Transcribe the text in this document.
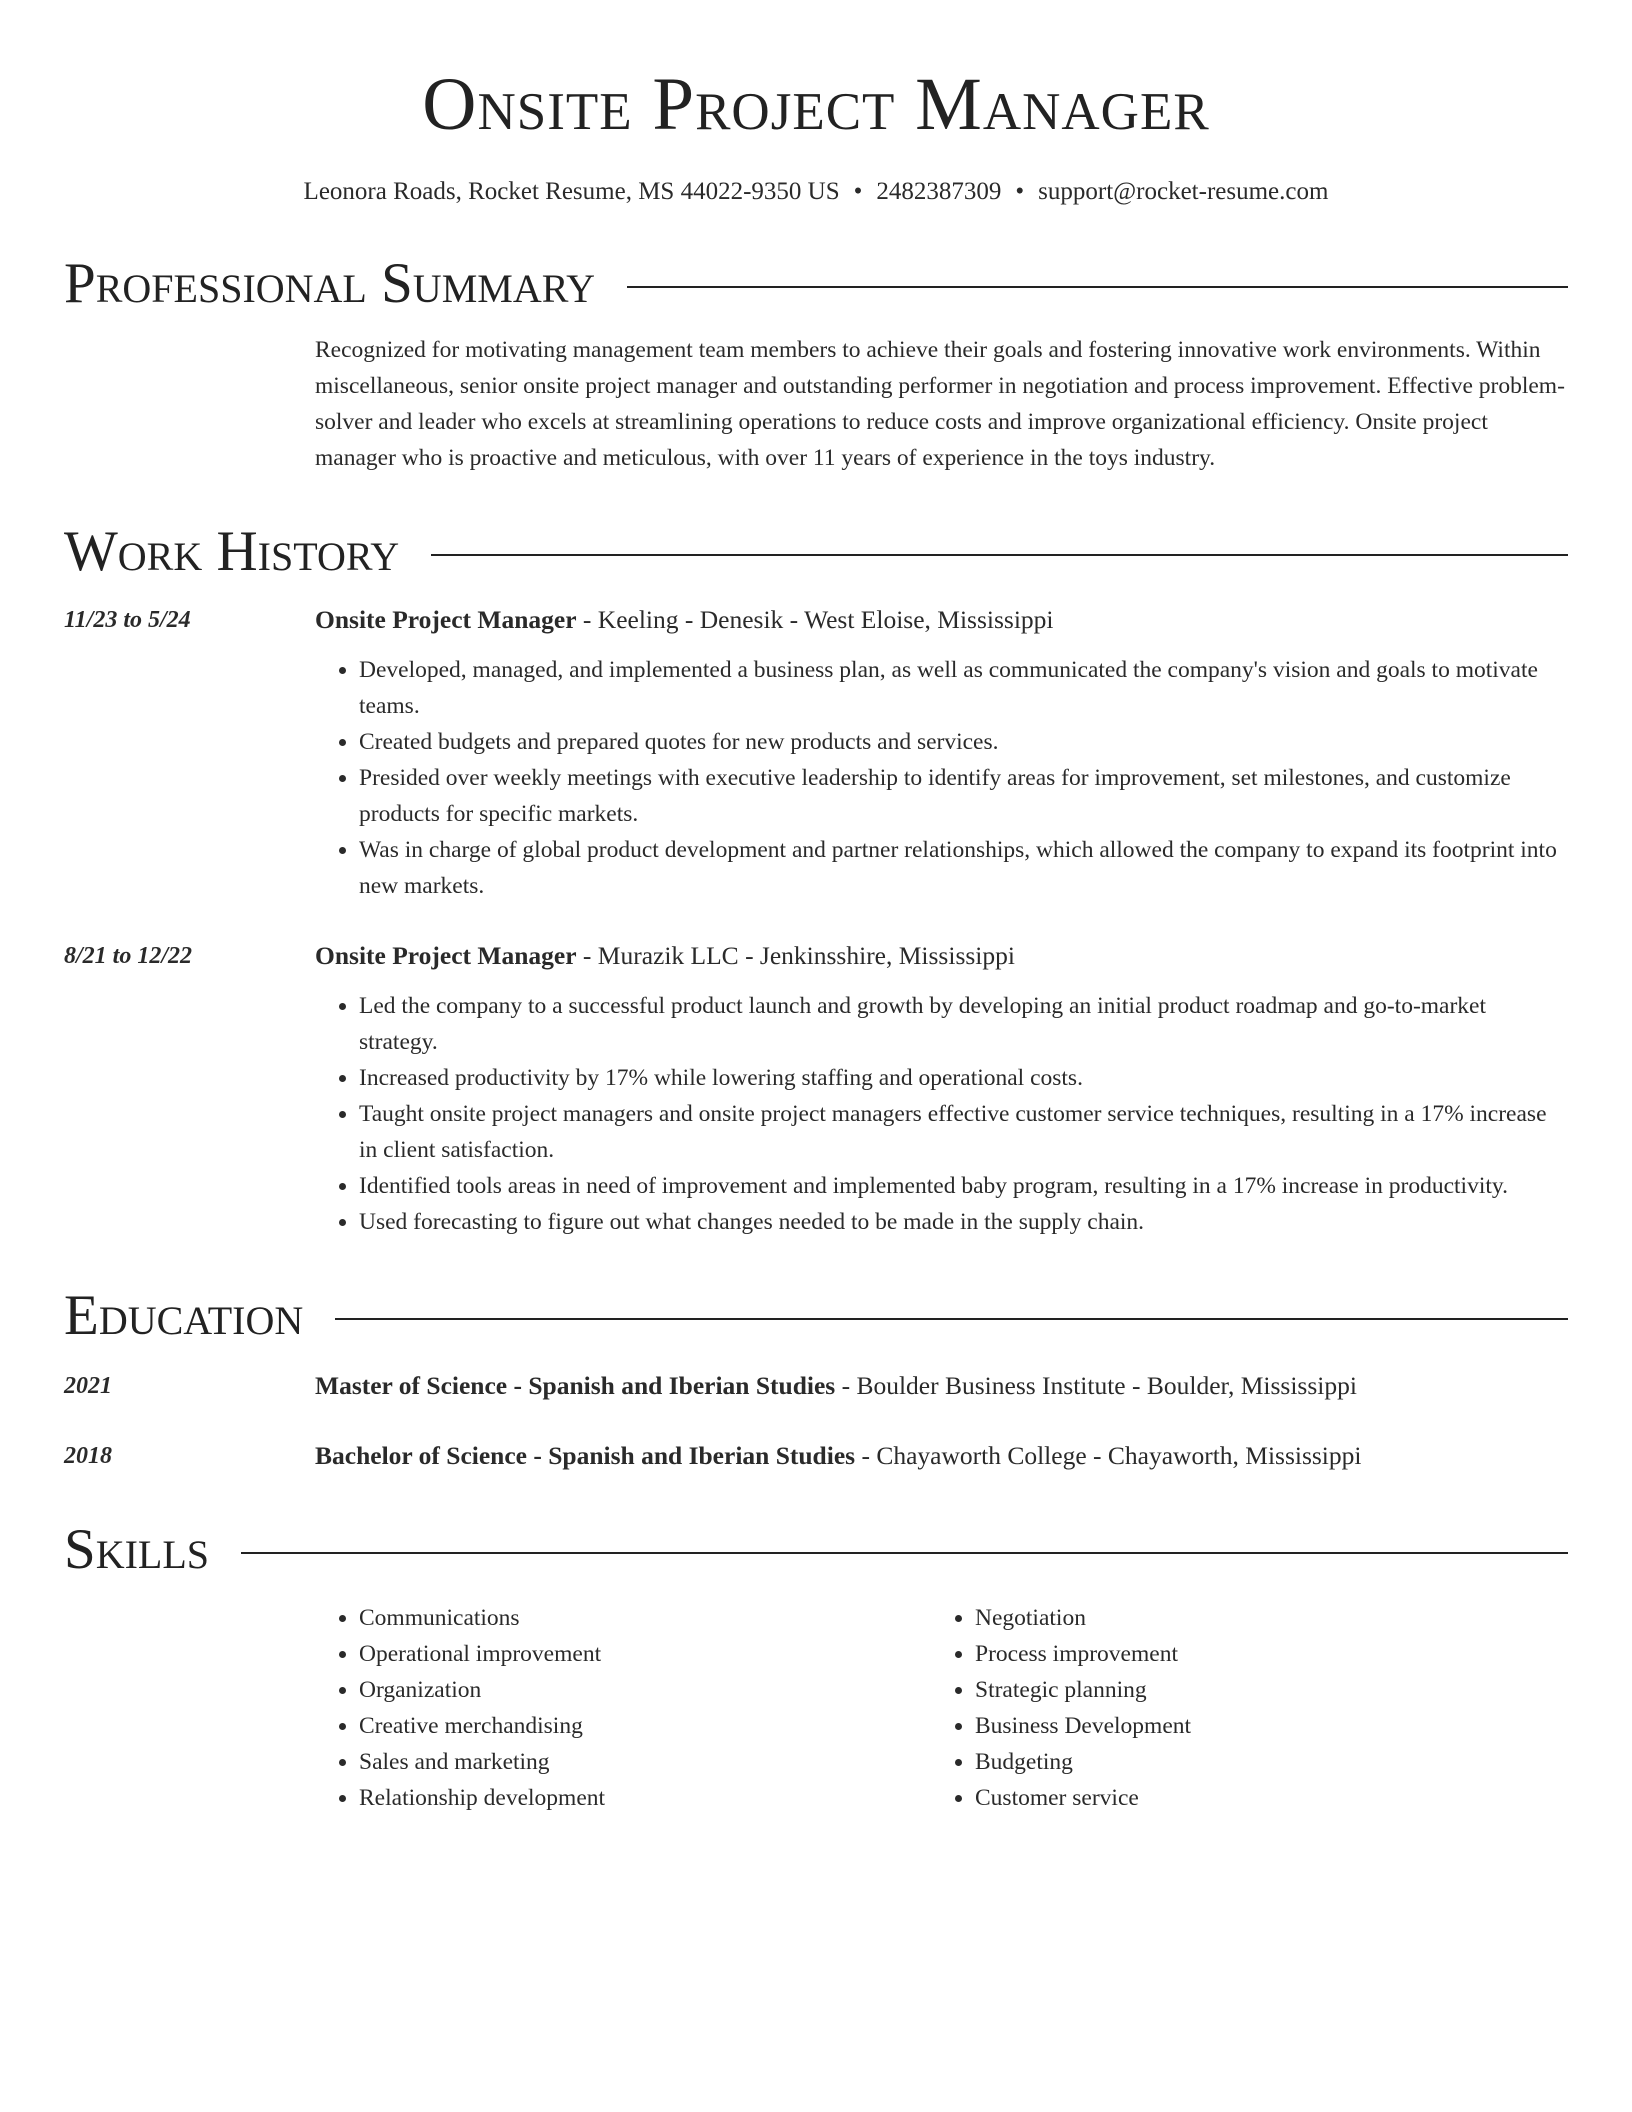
Onsite Project Manager
Leonora Roads, Rocket Resume, MS 44022-9350 US • 2482387309 • support@rocket-resume.com
Professional Summary

Recognized for motivating management team members to achieve their goals and fostering innovative work environments. Within miscellaneous, senior onsite project manager and outstanding performer in negotiation and process improvement. Effective problem-solver and leader who excels at streamlining operations to reduce costs and improve organizational efficiency. Onsite project manager who is proactive and meticulous, with over 11 years of experience in the toys industry.

Work History
11/23 to 5/24	Onsite Project Manager - Keeling - Denesik - West Eloise, Mississippi
• Developed, managed, and implemented a business plan, as well as communicated the company's vision and goals to motivate teams.
• Created budgets and prepared quotes for new products and services.
• Presided over weekly meetings with executive leadership to identify areas for improvement, set milestones, and customize products for specific markets.
• Was in charge of global product development and partner relationships, which allowed the company to expand its footprint into new markets.
8/21 to 12/22	Onsite Project Manager - Murazik LLC - Jenkinsshire, Mississippi
• Led the company to a successful product launch and growth by developing an initial product roadmap and go-to-market strategy.
• Increased productivity by 17% while lowering staffing and operational costs.
• Taught onsite project managers and onsite project managers effective customer service techniques, resulting in a 17% increase in client satisfaction.
• Identified tools areas in need of improvement and implemented baby program, resulting in a 17% increase in productivity.
• Used forecasting to figure out what changes needed to be made in the supply chain.
Education
2021	Master of Science - Spanish and Iberian Studies - Boulder Business Institute - Boulder, Mississippi
2018	Bachelor of Science - Spanish and Iberian Studies - Chayaworth College - Chayaworth, Mississippi
Skills
• Communications
• Operational improvement
• Organization
• Creative merchandising
• Sales and marketing
• Relationship development
• Negotiation
• Process improvement
• Strategic planning
• Business Development
• Budgeting
• Customer service
